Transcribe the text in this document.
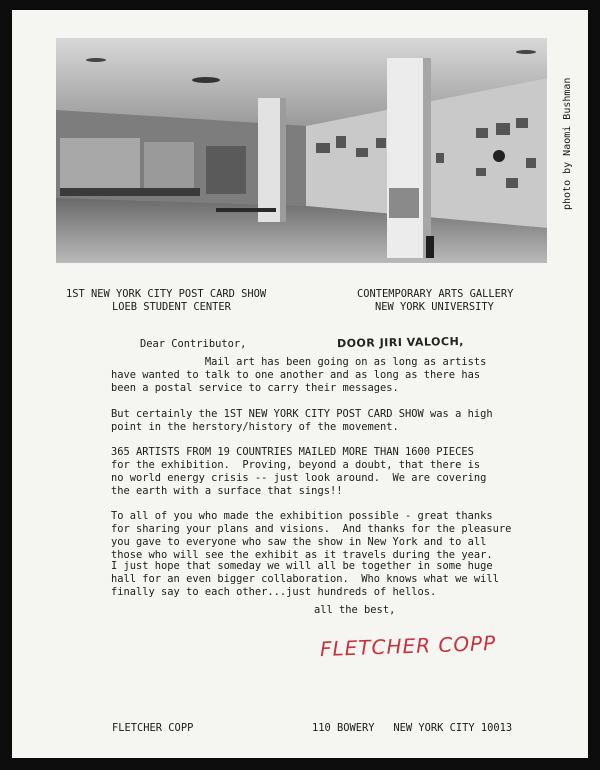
photo by Naomi Bushman
1ST NEW YORK CITY POST CARD SHOW
LOEB STUDENT CENTER
CONTEMPORARY ARTS GALLERY
NEW YORK UNIVERSITY
Dear Contributor,	DOOR JIRI VALOCH,

Mail art has been going on as long as artists
have wanted to talk to one another and as long as there has
been a postal service to carry their messages.

But certainly the 1ST NEW YORK CITY POST CARD SHOW was a high
point in the herstory/history of the movement.

365 ARTISTS FROM 19 COUNTRIES MAILED MORE THAN 1600 PIECES
for the exhibition.  Proving, beyond a doubt, that there is
no world energy crisis -- just look around.  We are covering
the earth with a surface that sings!!

To all of you who made the exhibition possible - great thanks
for sharing your plans and visions.  And thanks for the pleasure
you gave to everyone who saw the show in New York and to all
those who will see the exhibit as it travels during the year.

I just hope that someday we will all be together in some huge
hall for an even bigger collaboration.  Who knows what we will
finally say to each other...just hundreds of hellos.

all the best,
FLETCHER COPP
FLETCHER COPP	110 BOWERY   NEW YORK CITY 10013
